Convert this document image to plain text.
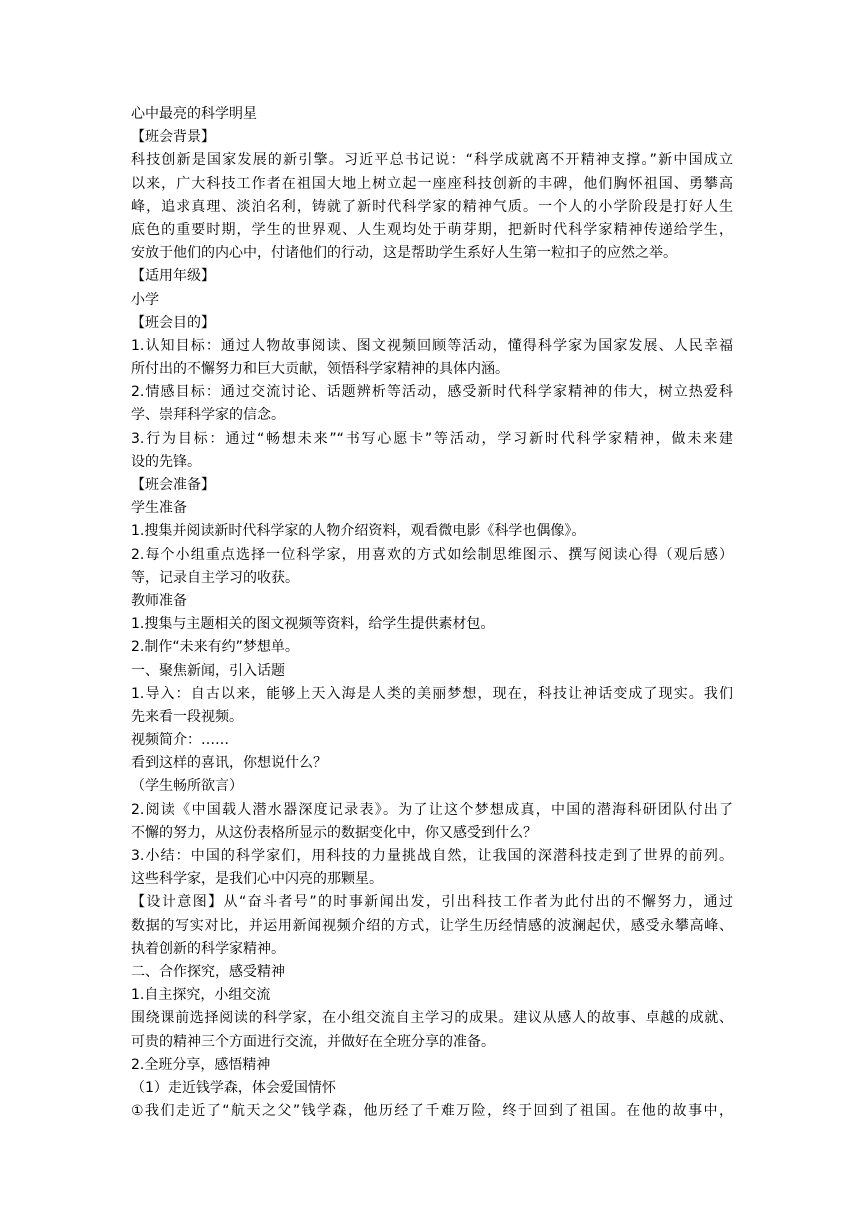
心中最亮的科学明星
【班会背景】
科技创新是国家发展的新引擎。习近平总书记说：“科学成就离不开精神支撑。”新中国成立
以来，广大科技工作者在祖国大地上树立起一座座科技创新的丰碑，他们胸怀祖国、勇攀高
峰，追求真理、淡泊名利，铸就了新时代科学家的精神气质。一个人的小学阶段是打好人生
底色的重要时期，学生的世界观、人生观均处于萌芽期，把新时代科学家精神传递给学生，
安放于他们的内心中，付诸他们的行动，这是帮助学生系好人生第一粒扣子的应然之举。
【适用年级】
小学
【班会目的】
1.认知目标：通过人物故事阅读、图文视频回顾等活动，懂得科学家为国家发展、人民幸福
所付出的不懈努力和巨大贡献，领悟科学家精神的具体内涵。
2.情感目标：通过交流讨论、话题辨析等活动，感受新时代科学家精神的伟大，树立热爱科
学、崇拜科学家的信念。
3.行为目标：通过“畅想未来”“书写心愿卡”等活动，学习新时代科学家精神，做未来建
设的先锋。
【班会准备】
学生准备
1.搜集并阅读新时代科学家的人物介绍资料，观看微电影《科学也偶像》。
2.每个小组重点选择一位科学家，用喜欢的方式如绘制思维图示、撰写阅读心得（观后感）
等，记录自主学习的收获。
教师准备
1.搜集与主题相关的图文视频等资料，给学生提供素材包。
2.制作“未来有约”梦想单。
一、聚焦新闻，引入话题
1.导入：自古以来，能够上天入海是人类的美丽梦想，现在，科技让神话变成了现实。我们
先来看一段视频。
视频简介：……
看到这样的喜讯，你想说什么？
（学生畅所欲言）
2.阅读《中国载人潜水器深度记录表》。为了让这个梦想成真，中国的潜海科研团队付出了
不懈的努力，从这份表格所显示的数据变化中，你又感受到什么？
3.小结：中国的科学家们，用科技的力量挑战自然，让我国的深潜科技走到了世界的前列。
这些科学家，是我们心中闪亮的那颗星。
【设计意图】从“奋斗者号”的时事新闻出发，引出科技工作者为此付出的不懈努力，通过
数据的写实对比，并运用新闻视频介绍的方式，让学生历经情感的波澜起伏，感受永攀高峰、
执着创新的科学家精神。
二、合作探究，感受精神
1.自主探究，小组交流
围绕课前选择阅读的科学家，在小组交流自主学习的成果。建议从感人的故事、卓越的成就、
可贵的精神三个方面进行交流，并做好在全班分享的准备。
2.全班分享，感悟精神
（1）走近钱学森，体会爱国情怀
①我们走近了“航天之父”钱学森，他历经了千难万险，终于回到了祖国。在他的故事中，
